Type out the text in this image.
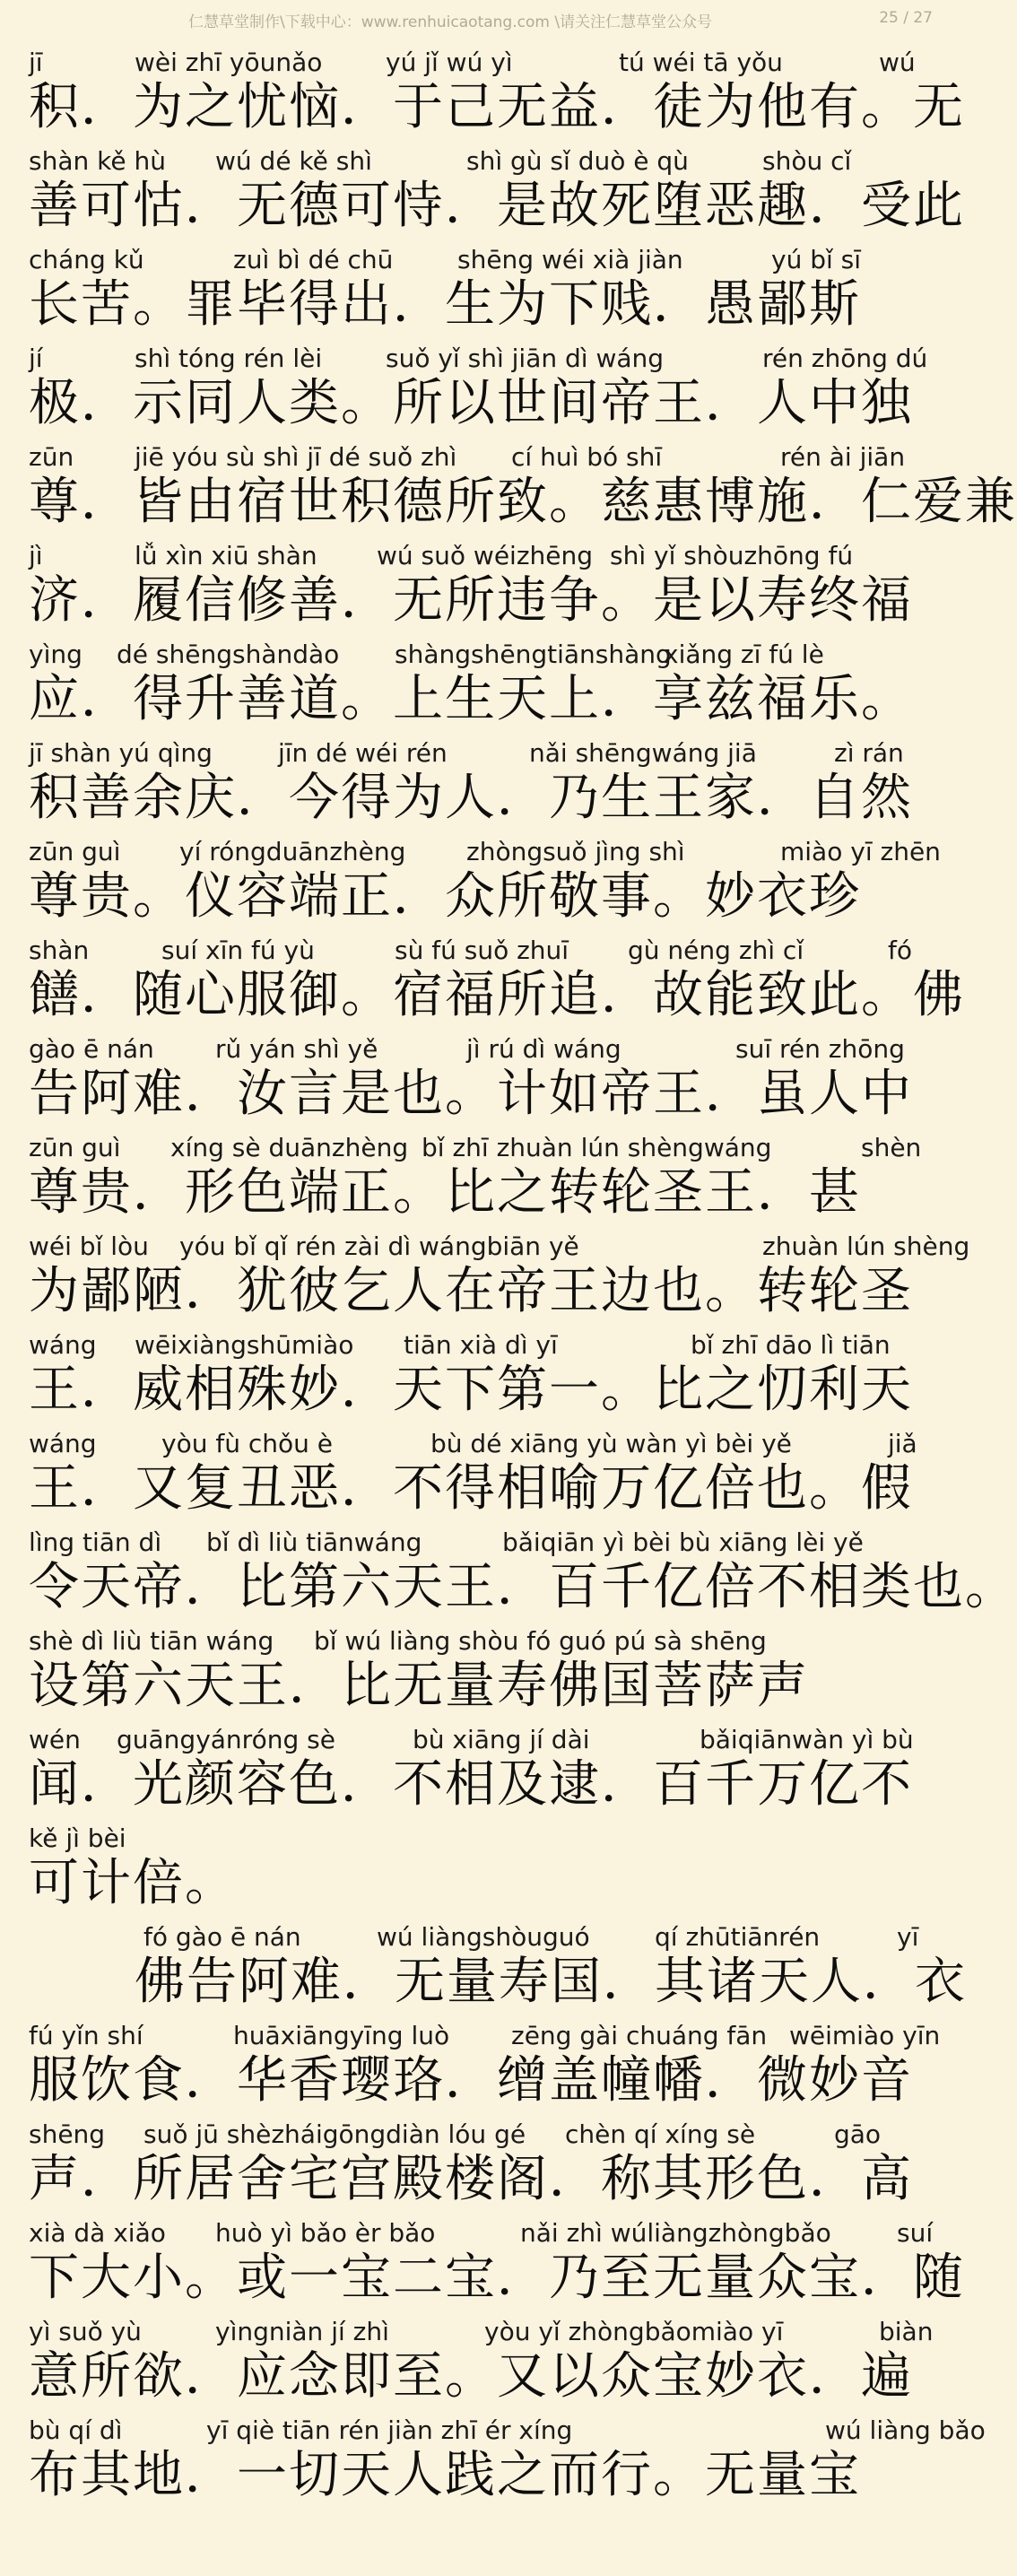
仁慧草堂制作\下载中心：www.renhuicaotang.com \请关注仁慧草堂公众号	25 / 27
jī	wèi zhī yōunǎo	yú jǐ wú yì	tú wéi tā yǒu	wú
积．为之忧恼．于己无益．徒为他有。无
shàn kě hù wú dé kě shì	shì gù sǐ duò è qù	shòu cǐ
善可怙．无德可恃．是故死堕恶趣．受此
cháng kǔ	zuì bì dé chū	shēng wéi xià jiàn	yú bǐ sī
长苦。罪毕得出．生为下贱．愚鄙斯
jí	shì tóng rén lèi	suǒ yǐ shì jiān dì wáng	rén zhōng dú
极．示同人类。所以世间帝王．人中独
zūn jiē yóu sù shì jī dé suǒ zhì cí huì bó shī	rén ài jiān
尊．皆由宿世积德所致。慈惠博施．仁爱兼
jì	lǚ xìn xiū shàn wú suǒ wéizhēng shì yǐ shòuzhōng fú
济．履信修善．无所违争。是以寿终福
yìng dé shēngshàndào shàngshēngtiānshàng
xiǎng zī fú lè
应．得升善道。上生天上．享兹福乐。
jī shàn yú qìng	jīn dé wéi rén	nǎi shēngwáng jiā	zì rán
积善余庆．今得为人．乃生王家．自然
zūn guì yí róngduānzhèng zhòngsuǒ jìng shì	miào yī zhēn
尊贵。仪容端正．众所敬事。妙衣珍
shàn	suí xīn fú yù	sù fú suǒ zhuī gù néng zhì cǐ	fó
饍．随心服御。宿福所追．故能致此。佛
gào ē nán rǔ yán shì yě	jì rú dì wáng	suī rén zhōng
告阿难．汝言是也。计如帝王．虽人中
zūn guì xíng sè duānzhèng bǐ zhī zhuàn lún shèngwáng	shèn
尊贵．形色端正。比之转轮圣王．甚
wéi bǐ lòu yóu bǐ qǐ rén zài dì wángbiān yě	zhuàn lún shèng
为鄙陋．犹彼乞人在帝王边也。转轮圣
wáng wēixiàngshūmiào tiān xià dì yī	bǐ zhī dāo lì tiān
王．威相殊妙．天下第一。比之忉利天
wáng	yòu fù chǒu è	bù dé xiāng yù wàn yì bèi yě	jiǎ
王．又复丑恶．不得相喻万亿倍也。假
lìng tiān dì bǐ dì liù tiānwáng	bǎiqiān yì bèi bù xiāng lèi yě
令天帝．比第六天王．百千亿倍不相类也。
shè dì liù tiān wáng bǐ wú liàng shòu fó guó pú sà shēng
设第六天王．比无量寿佛国菩萨声
wén guāngyánróng sè	bù xiāng jí dài	bǎiqiānwàn yì bù
闻．光颜容色．不相及逮．百千万亿不
kě jì bèi
可计倍。
fó gào ē nán	wú liàngshòuguó	qí zhūtiānrén	yī
佛告阿难．无量寿国．其诸天人．衣
fú yǐn shí	huāxiāngyīng luò zēng gài chuáng fān wēimiào yīn
服饮食．华香璎珞．缯盖幢幡．微妙音
shēng suǒ jū shèzháigōngdiàn lóu gé chèn qí xíng sè	gāo
声．所居舍宅宫殿楼阁．称其形色．高
xià dà xiǎo huò yì bǎo èr bǎo	nǎi zhì wúliàngzhòngbǎo	suí
下大小。或一宝二宝．乃至无量众宝．随
yì suǒ yù	yìngniàn jí zhì	yòu yǐ zhòngbǎomiào yī	biàn
意所欲．应念即至。又以众宝妙衣．遍
bù qí dì	yī qiè tiān rén jiàn zhī ér xíng	wú liàng bǎo
布其地．一切天人践之而行。无量宝
